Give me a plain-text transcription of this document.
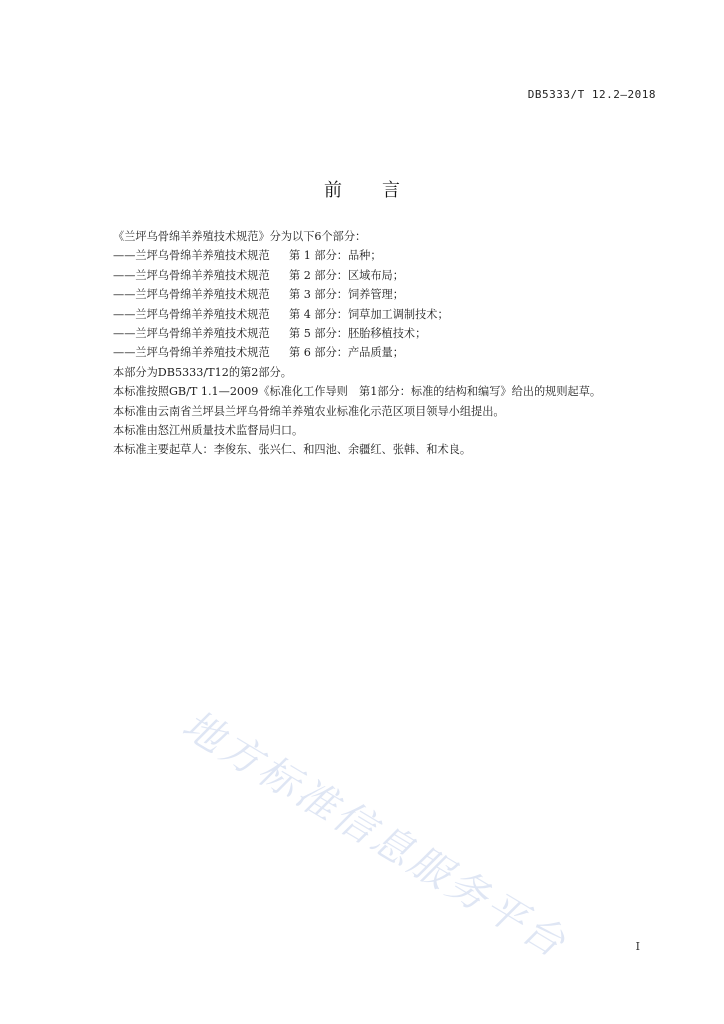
DB5333/T 12.2—2018
前言
《兰坪乌骨绵羊养殖技术规范》分为以下6个部分：
——兰坪乌骨绵羊养殖技术规范 第 1 部分：品种；
——兰坪乌骨绵羊养殖技术规范 第 2 部分：区域布局；
——兰坪乌骨绵羊养殖技术规范 第 3 部分：饲养管理；
——兰坪乌骨绵羊养殖技术规范 第 4 部分：饲草加工调制技术；
——兰坪乌骨绵羊养殖技术规范 第 5 部分：胚胎移植技术；
——兰坪乌骨绵羊养殖技术规范 第 6 部分：产品质量；
本部分为DB5333/T12的第2部分。
本标准按照GB/T 1.1—2009《标准化工作导则　第1部分：标准的结构和编写》给出的规则起草。
本标准由云南省兰坪县兰坪乌骨绵羊养殖农业标准化示范区项目领导小组提出。
本标准由怒江州质量技术监督局归口。
本标准主要起草人：李俊东、张兴仁、和四池、余疆红、张韩、和术良。
地方标准信息服务平台	I
